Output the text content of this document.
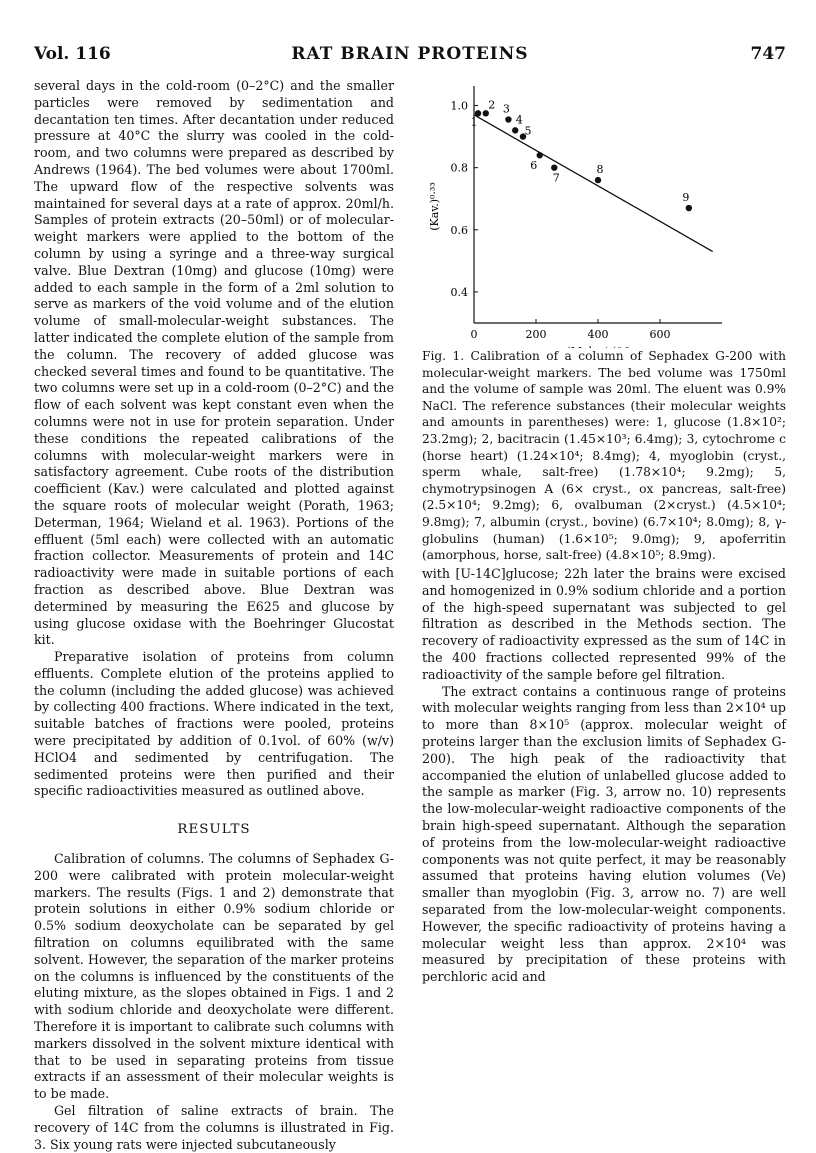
Vol. 116	RAT BRAIN PROTEINS	747

several days in the cold-room (0–2°C) and the smaller particles were removed by sedimentation and decantation ten times. After decantation under reduced pressure at 40°C the slurry was cooled in the cold-room, and two columns were prepared as described by Andrews (1964). The bed volumes were about 1700ml. The upward flow of the respective solvents was maintained for several days at a rate of approx. 20ml/h. Samples of protein extracts (20–50ml) or of molecular-weight markers were applied to the bottom of the column by using a syringe and a three-way surgical valve. Blue Dextran (10mg) and glucose (10mg) were added to each sample in the form of a 2ml solution to serve as markers of the void volume and of the elution volume of small-molecular-weight substances. The latter indicated the complete elution of the sample from the column. The recovery of added glucose was checked several times and found to be quantitative. The two columns were set up in a cold-room (0–2°C) and the flow of each solvent was kept constant even when the columns were not in use for protein separation. Under these conditions the repeated calibrations of the columns with molecular-weight markers were in satisfactory agreement. Cube roots of the distribution coefficient (Kav.) were calculated and plotted against the square roots of molecular weight (Porath, 1963; Determan, 1964; Wieland et al. 1963). Portions of the effluent (5ml each) were collected with an automatic fraction collector. Measurements of protein and 14C radioactivity were made in suitable portions of each fraction as described above. Blue Dextran was determined by measuring the E625 and glucose by using glucose oxidase with the Boehringer Glucostat kit.

Preparative isolation of proteins from column effluents. Complete elution of the proteins applied to the column (including the added glucose) was achieved by collecting 400 fractions. Where indicated in the text, suitable batches of fractions were pooled, proteins were precipitated by addition of 0.1vol. of 60% (w/v) HClO4 and sedimented by centrifugation. The sedimented proteins were then purified and their specific radioactivities measured as outlined above.

RESULTS

Calibration of columns. The columns of Sephadex G-200 were calibrated with protein molecular-weight markers. The results (Figs. 1 and 2) demonstrate that protein solutions in either 0.9% sodium chloride or 0.5% sodium deoxycholate can be separated by gel filtration on columns equilibrated with the same solvent. However, the separation of the marker proteins on the columns is influenced by the constituents of the eluting mixture, as the slopes obtained in Figs. 1 and 2 with sodium chloride and deoxycholate were different. Therefore it is important to calibrate such columns with markers dissolved in the solvent mixture identical with that to be used in separating proteins from tissue extracts if an assessment of their molecular weights is to be made.

Gel filtration of saline extracts of brain. The recovery of 14C from the columns is illustrated in Fig. 3. Six young rats were injected subcutaneously

0	200	400	600
1.0
0.8
0.6
0.4
(Kav.)⁰·³³
1
2 3
4
5
6
7
8
9
Fig. 1. Calibration of a column of Sephadex G-200 with molecular-weight markers. The bed volume was 1750ml and the volume of sample was 20ml. The eluent was 0.9% NaCl. The reference substances (their molecular weights and amounts in parentheses) were: 1, glucose (1.8×10²; 23.2mg); 2, bacitracin (1.45×10³; 6.4mg); 3, cytochrome c (horse heart) (1.24×10⁴; 8.4mg); 4, myoglobin (cryst., sperm whale, salt-free) (1.78×10⁴; 9.2mg); 5, chymotrypsinogen A (6× cryst., ox pancreas, salt-free) (2.5×10⁴; 9.2mg); 6, ovalbuman (2×cryst.) (4.5×10⁴; 9.8mg); 7, albumin (cryst., bovine) (6.7×10⁴; 8.0mg); 8, γ-globulins (human) (1.6×10⁵; 9.0mg); 9, apoferritin (amorphous, horse, salt-free) (4.8×10⁵; 8.9mg).

with [U-14C]glucose; 22h later the brains were excised and homogenized in 0.9% sodium chloride and a portion of the high-speed supernatant was subjected to gel filtration as described in the Methods section. The recovery of radioactivity expressed as the sum of 14C in the 400 fractions collected represented 99% of the radioactivity of the sample before gel filtration.

The extract contains a continuous range of proteins with molecular weights ranging from less than 2×10⁴ up to more than 8×10⁵ (approx. molecular weight of proteins larger than the exclusion limits of Sephadex G-200). The high peak of the radioactivity that accompanied the elution of unlabelled glucose added to the sample as marker (Fig. 3, arrow no. 10) represents the low-molecular-weight radioactive components of the brain high-speed supernatant. Although the separation of proteins from the low-molecular-weight radioactive components was not quite perfect, it may be reasonably assumed that proteins having elution volumes (Ve) smaller than myoglobin (Fig. 3, arrow no. 7) are well separated from the low-molecular-weight components. However, the specific radioactivity of proteins having a molecular weight less than approx. 2×10⁴ was measured by precipitation of these proteins with perchloric acid and
